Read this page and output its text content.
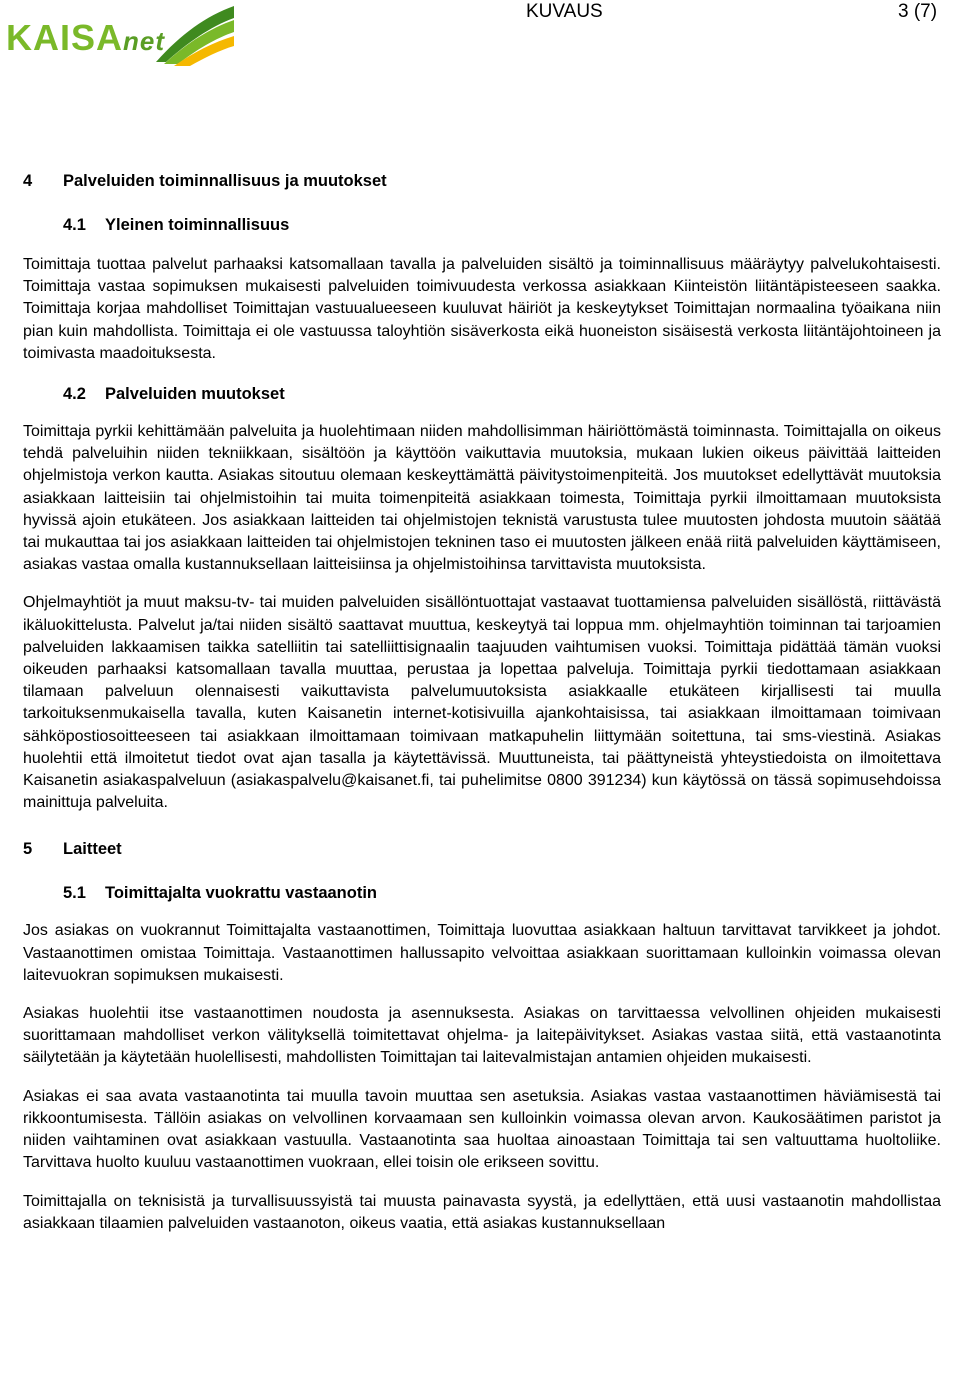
KAISAnet
KUVAUS	3 (7)
4	Palveluiden toiminnallisuus ja muutokset
4.1	Yleinen toiminnallisuus

Toimittaja tuottaa palvelut parhaaksi katsomallaan tavalla ja palveluiden sisältö ja toiminnallisuus määräytyy palvelukohtaisesti. Toimittaja vastaa sopimuksen mukaisesti palveluiden toimivuudesta verkossa asiakkaan Kiinteistön liitäntäpisteeseen saakka. Toimittaja korjaa mahdolliset Toimittajan vastuualueeseen kuuluvat häiriöt ja keskeytykset Toimittajan normaalina työaikana niin pian kuin mahdollista. Toimittaja ei ole vastuussa taloyhtiön sisäverkosta eikä huoneiston sisäisestä verkosta liitäntäjohtoineen ja toimivasta maadoituksesta.

4.2	Palveluiden muutokset

Toimittaja pyrkii kehittämään palveluita ja huolehtimaan niiden mahdollisimman häiriöttömästä toiminnasta. Toimittajalla on oikeus tehdä palveluihin niiden tekniikkaan, sisältöön ja käyttöön vaikuttavia muutoksia, mukaan lukien oikeus päivittää laitteiden ohjelmistoja verkon kautta. Asiakas sitoutuu olemaan keskeyttämättä päivitystoimenpiteitä. Jos muutokset edellyttävät muutoksia asiakkaan laitteisiin tai ohjelmistoihin tai muita toimenpiteitä asiakkaan toimesta, Toimittaja pyrkii ilmoittamaan muutoksista hyvissä ajoin etukäteen. Jos asiakkaan laitteiden tai ohjelmistojen teknistä varustusta tulee muutosten johdosta muutoin säätää tai mukauttaa tai jos asiakkaan laitteiden tai ohjelmistojen tekninen taso ei muutosten jälkeen enää riitä palveluiden käyttämiseen, asiakas vastaa omalla kustannuksellaan laitteisiinsa ja ohjelmistoihinsa tarvittavista muutoksista.

Ohjelmayhtiöt ja muut maksu-tv- tai muiden palveluiden sisällöntuottajat vastaavat tuottamiensa palveluiden sisällöstä, riittävästä ikäluokittelusta. Palvelut ja/tai niiden sisältö saattavat muuttua, keskeytyä tai loppua mm. ohjelmayhtiön toiminnan tai tarjoamien palveluiden lakkaamisen taikka satelliitin tai satelliittisignaalin taajuuden vaihtumisen vuoksi. Toimittaja pidättää tämän vuoksi oikeuden parhaaksi katsomallaan tavalla muuttaa, perustaa ja lopettaa palveluja. Toimittaja pyrkii tiedottamaan asiakkaan tilamaan palveluun olennaisesti vaikuttavista palvelumuutoksista asiakkaalle etukäteen kirjallisesti tai muulla tarkoituksenmukaisella tavalla, kuten Kaisanetin internet-kotisivuilla ajankohtaisissa, tai asiakkaan ilmoittamaan toimivaan sähköpostiosoitteeseen tai asiakkaan ilmoittamaan toimivaan matkapuhelin liittymään soitettuna, tai sms-viestinä. Asiakas huolehtii että ilmoitetut tiedot ovat ajan tasalla ja käytettävissä. Muuttuneista, tai päättyneistä yhteystiedoista on ilmoitettava Kaisanetin asiakaspalveluun (asiakaspalvelu@kaisanet.fi, tai puhelimitse 0800 391234) kun käytössä on tässä sopimusehdoissa mainittuja palveluita.

5	Laitteet
5.1	Toimittajalta vuokrattu vastaanotin

Jos asiakas on vuokrannut Toimittajalta vastaanottimen, Toimittaja luovuttaa asiakkaan haltuun tarvittavat tarvikkeet ja johdot. Vastaanottimen omistaa Toimittaja. Vastaanottimen hallussapito velvoittaa asiakkaan suorittamaan kulloinkin voimassa olevan laitevuokran sopimuksen mukaisesti.

Asiakas huolehtii itse vastaanottimen noudosta ja asennuksesta. Asiakas on tarvittaessa velvollinen ohjeiden mukaisesti suorittamaan mahdolliset verkon välityksellä toimitettavat ohjelma- ja laitepäivitykset. Asiakas vastaa siitä, että vastaanotinta säilytetään ja käytetään huolellisesti, mahdollisten Toimittajan tai laitevalmistajan antamien ohjeiden mukaisesti.

Asiakas ei saa avata vastaanotinta tai muulla tavoin muuttaa sen asetuksia. Asiakas vastaa vastaanottimen häviämisestä tai rikkoontumisesta. Tällöin asiakas on velvollinen korvaamaan sen kulloinkin voimassa olevan arvon. Kaukosäätimen paristot ja niiden vaihtaminen ovat asiakkaan vastuulla. Vastaanotinta saa huoltaa ainoastaan Toimittaja tai sen valtuuttama huoltoliike. Tarvittava huolto kuuluu vastaanottimen vuokraan, ellei toisin ole erikseen sovittu.

Toimittajalla on teknisistä ja turvallisuussyistä tai muusta painavasta syystä, ja edellyttäen, että uusi vastaanotin mahdollistaa asiakkaan tilaamien palveluiden vastaanoton, oikeus vaatia, että asiakas kustannuksellaan
